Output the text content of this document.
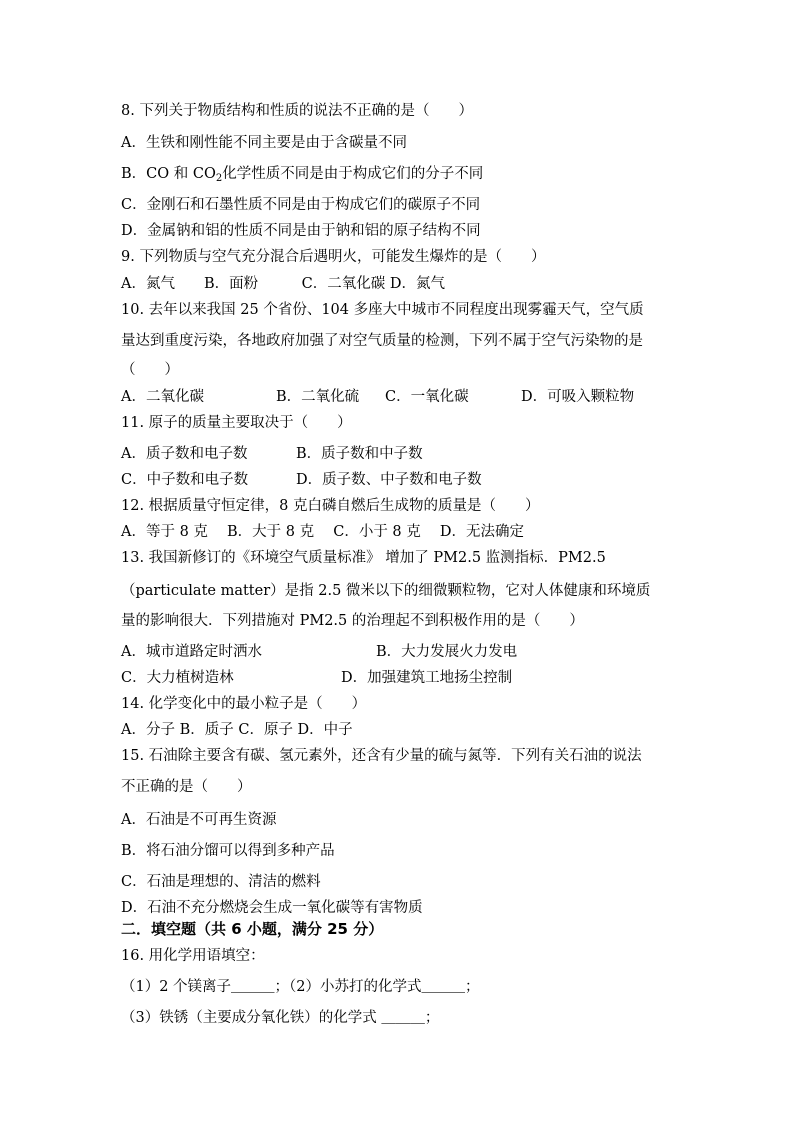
8. 下列关于物质结构和性质的说法不正确的是（　　）
A．生铁和刚性能不同主要是由于含碳量不同
B．CO 和 $CO_2$化学性质不同是由于构成它们的分子不同
C．金刚石和石墨性质不同是由于构成它们的碳原子不同
D．金属钠和铝的性质不同是由于钠和铝的原子结构不同
9. 下列物质与空气充分混合后遇明火，可能发生爆炸的是（　　）
A．氮气　　B．面粉　　　C．二氧化碳 D．氮气
10. 去年以来我国 25 个省份、104 多座大中城市不同程度出现雾霾天气，空气质
量达到重度污染，各地政府加强了对空气质量的检测，下列不属于空气污染物的是
（　　）
A．二氧化碳	B．二氧化硫 C．一氧化碳	D．可吸入颗粒物
11. 原子的质量主要取决于（　　）
A．质子数和电子数	B．质子数和中子数
C．中子数和电子数	D．质子数、中子数和电子数
12. 根据质量守恒定律，8 克白磷自燃后生成物的质量是（　　）
A．等于 8 克　 B．大于 8 克　 C．小于 8 克　 D．无法确定
13. 我国新修订的《环境空气质量标准》 增加了 PM2.5 监测指标．PM2.5
（particulate matter）是指 2.5 微米以下的细微颗粒物，它对人体健康和环境质
量的影响很大．下列措施对 PM2.5 的治理起不到积极作用的是（　　）
A．城市道路定时洒水	B．大力发展火力发电
C．大力植树造林	D．加强建筑工地扬尘控制
14. 化学变化中的最小粒子是（　　）
A．分子 B．质子 C．原子 D．中子
15. 石油除主要含有碳、氢元素外，还含有少量的硫与氮等．下列有关石油的说法
不正确的是（　　）
A．石油是不可再生资源
B．将石油分馏可以得到多种产品
C．石油是理想的、清洁的燃料
D．石油不充分燃烧会生成一氧化碳等有害物质
二．填空题（共 6 小题，满分 25 分）
16. 用化学用语填空：
（1）2 个镁离子＿＿＿；（2）小苏打的化学式＿＿＿；
（3）铁锈（主要成分氧化铁）的化学式 ＿＿＿；
